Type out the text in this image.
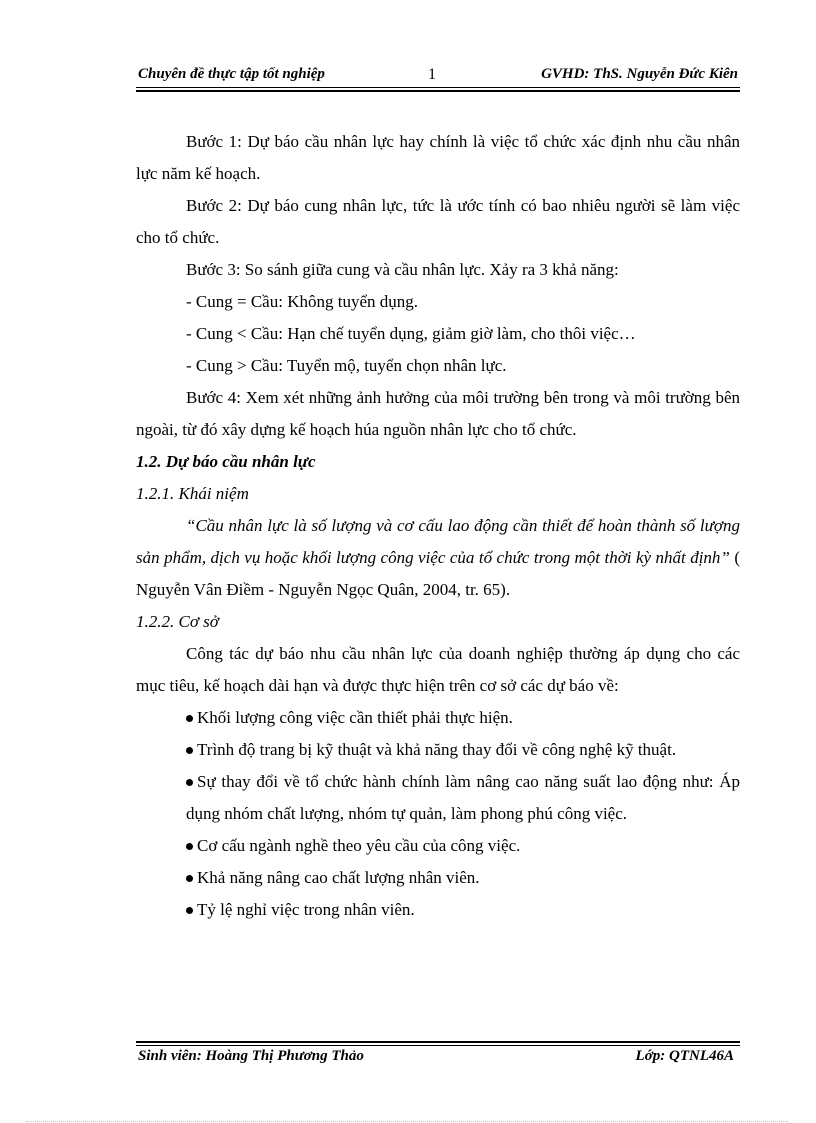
Chuyên đề thực tập tốt nghiệp	1	GVHD: ThS. Nguyễn Đức Kiên

Bước 1: Dự báo cầu nhân lực hay chính là việc tổ chức xác định nhu cầu nhân lực năm kế hoạch.

Bước 2: Dự báo cung nhân lực, tức là ước tính có bao nhiêu người sẽ làm việc cho tổ chức.

Bước 3: So sánh giữa cung và cầu nhân lực. Xảy ra 3 khả năng:

- Cung = Cầu: Không tuyển dụng.

- Cung < Cầu: Hạn chế tuyển dụng, giảm giờ làm, cho thôi việc…

- Cung > Cầu: Tuyển mộ, tuyển chọn nhân lực.

Bước 4: Xem xét những ảnh hưởng của môi trường bên trong và môi trường bên ngoài, từ đó xây dựng kế hoạch húa nguồn nhân lực cho tổ chức.

1.2. Dự báo cầu nhân lực

1.2.1. Khái niệm

“Cầu nhân lực là số lượng và cơ cấu lao động cần thiết để hoàn thành số lượng sản phẩm, dịch vụ hoặc khối lượng công việc của tổ chức trong một thời kỳ nhất định” ( Nguyễn Vân Điềm - Nguyễn Ngọc Quân, 2004, tr. 65).

1.2.2. Cơ sở

Công tác dự báo nhu cầu nhân lực của doanh nghiệp thường áp dụng cho các mục tiêu, kế hoạch dài hạn và được thực hiện trên cơ sở các dự báo về:

Khối lượng công việc cần thiết phải thực hiện.

Trình độ trang bị kỹ thuật và khả năng thay đổi về công nghệ kỹ thuật.

Sự thay đổi về tổ chức hành chính làm nâng cao năng suất lao động như: Áp dụng nhóm chất lượng, nhóm tự quản, làm phong phú công việc.

Cơ cấu ngành nghề theo yêu cầu của công việc.

Khả năng nâng cao chất lượng nhân viên.

Tỷ lệ nghỉ việc trong nhân viên.

Sinh viên: Hoàng Thị Phương Thảo	Lớp: QTNL46A
